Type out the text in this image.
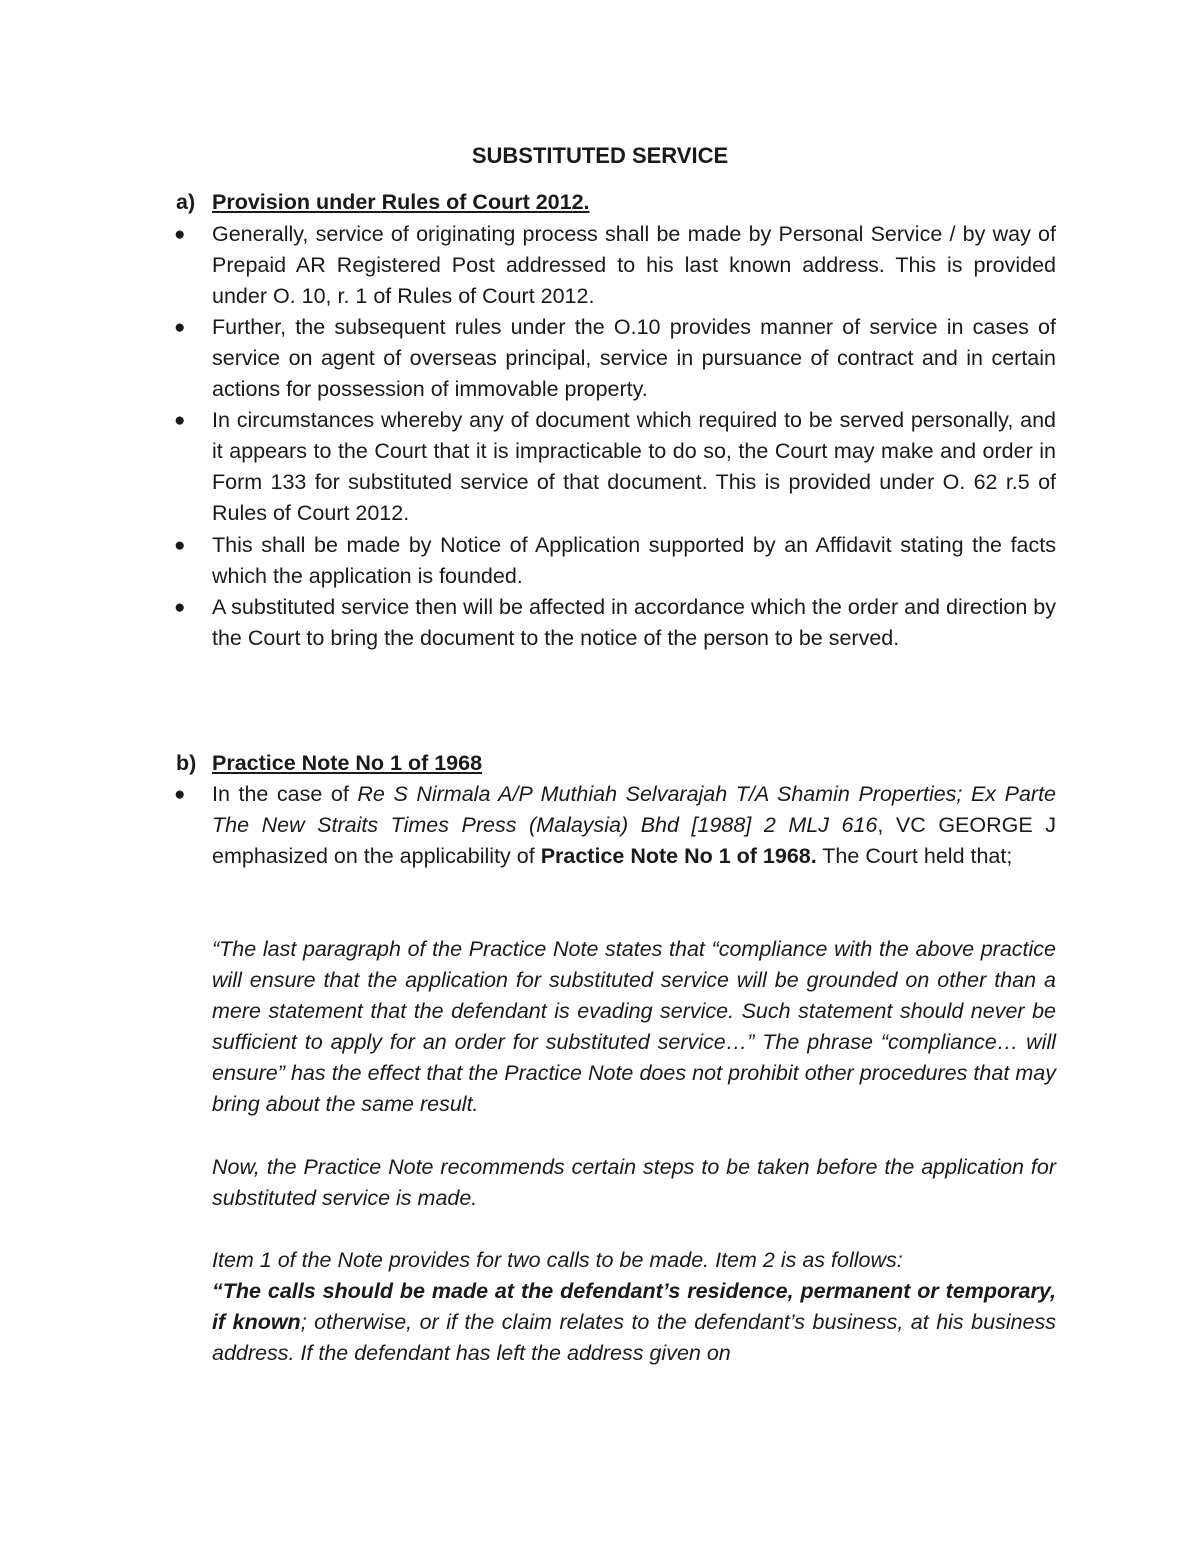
SUBSTITUTED SERVICE
a) Provision under Rules of Court 2012.
●
Generally, service of originating process shall be made by Personal Service / by way of Prepaid AR Registered Post addressed to his last known address. This is provided under O. 10, r. 1 of Rules of Court 2012.
●
Further, the subsequent rules under the O.10 provides manner of service in cases of service on agent of overseas principal, service in pursuance of contract and in certain actions for possession of immovable property.
●
In circumstances whereby any of document which required to be served personally, and it appears to the Court that it is impracticable to do so, the Court may make and order in Form 133 for substituted service of that document. This is provided under O. 62 r.5 of Rules of Court 2012.
●
This shall be made by Notice of Application supported by an Affidavit stating the facts which the application is founded.
●
A substituted service then will be affected in accordance which the order and direction by the Court to bring the document to the notice of the person to be served.
b) Practice Note No 1 of 1968
●
In the case of Re S Nirmala A/P Muthiah Selvarajah T/A Shamin Properties; Ex Parte The New Straits Times Press (Malaysia) Bhd [1988] 2 MLJ 616, VC GEORGE J emphasized on the applicability of Practice Note No 1 of 1968. The Court held that;
“The last paragraph of the Practice Note states that “compliance with the above practice will ensure that the application for substituted service will be grounded on other than a mere statement that the defendant is evading service. Such statement should never be sufficient to apply for an order for substituted service…” The phrase “compliance… will ensure” has the effect that the Practice Note does not prohibit other procedures that may bring about the same result.
Now, the Practice Note recommends certain steps to be taken before the application for substituted service is made.
Item 1 of the Note provides for two calls to be made. Item 2 is as follows:
“The calls should be made at the defendant’s residence, permanent or temporary, if known; otherwise, or if the claim relates to the defendant’s business, at his business address. If the defendant has left the address given on
